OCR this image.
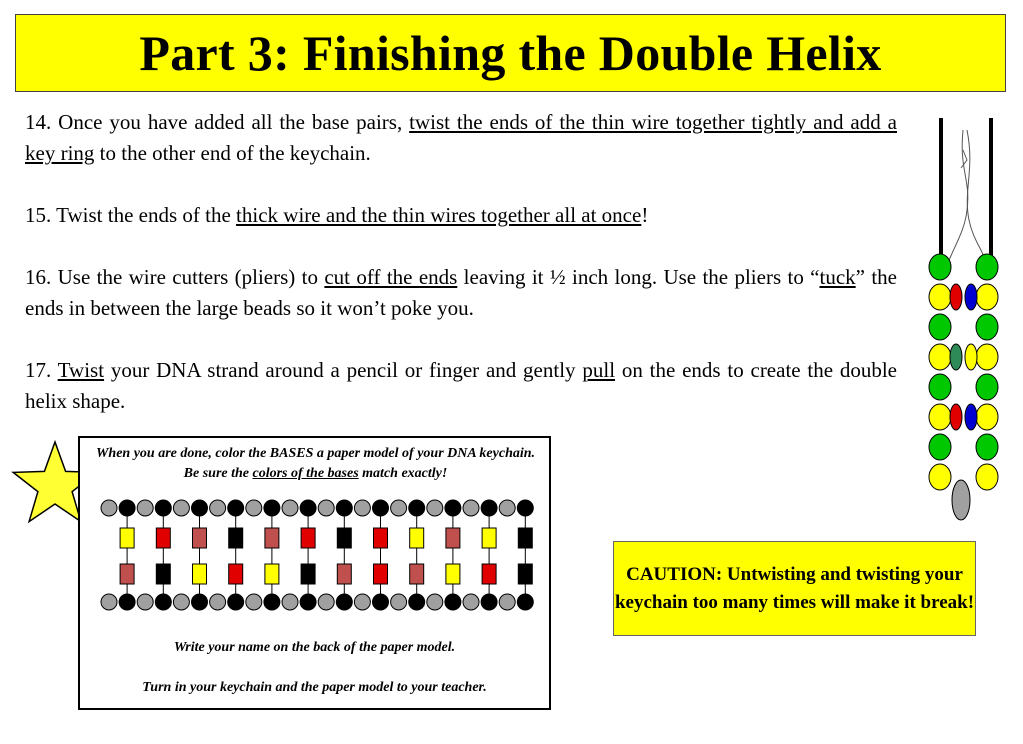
Part 3: Finishing the Double Helix

14. Once you have added all the base pairs, twist the ends of the thin wire together tightly and add a key ring to the other end of the keychain.

15. Twist the ends of the thick wire and the thin wires together all at once!

16. Use the wire cutters (pliers) to cut off the ends leaving it ½ inch long. Use the pliers to “tuck” the ends in between the large beads so it won’t poke you.

17. Twist your DNA strand around a pencil or finger and gently pull on the ends to create the double helix shape.

When you are done, color the BASES a paper model of your DNA keychain. Be sure the colors of the bases match exactly!
Write your name on the back of the paper model.
Turn in your keychain and the paper model to your teacher.
CAUTION: Untwisting and twisting your keychain too many times will make it break!
